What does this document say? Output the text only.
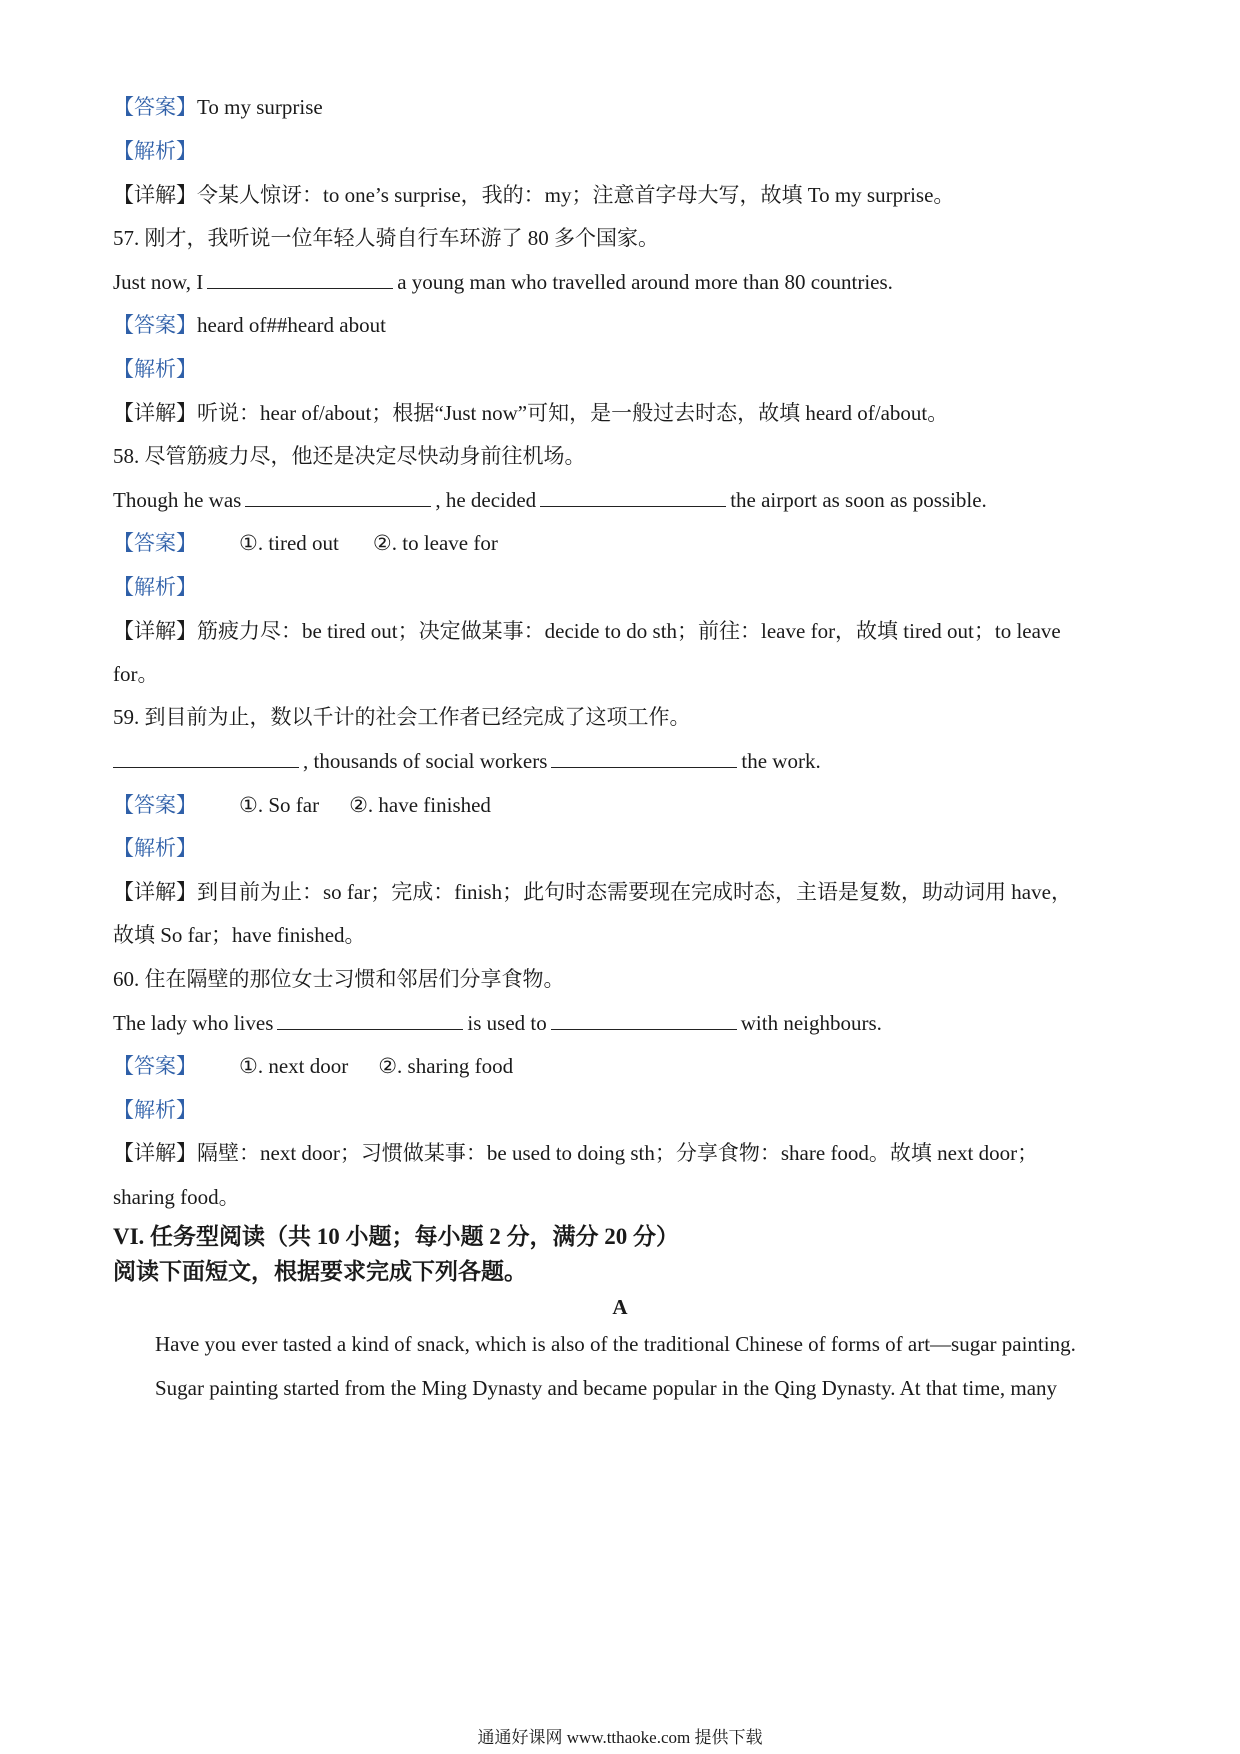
【答案】To my surprise
【解析】
【详解】令某人惊讶：to one’s surprise，我的：my；注意首字母大写，故填 To my surprise。
57. 刚才，我听说一位年轻人骑自行车环游了 80 多个国家。
Just now, I	a young man who travelled around more than 80 countries.
【答案】heard of##heard about
【解析】
【详解】听说：hear of/about；根据“Just now”可知，是一般过去时态，故填 heard of/about。
58. 尽管筋疲力尽，他还是决定尽快动身前往机场。
Though he was	, he decided	the airport as soon as possible.
【答案】 ①. tired out ②. to leave for
【解析】
【详解】筋疲力尽：be tired out；决定做某事：decide to do sth；前往：leave for，故填 tired out；to leave
for。
59. 到目前为止，数以千计的社会工作者已经完成了这项工作。
, thousands of social workers	the work.
【答案】 ①. So far ②. have finished
【解析】
【详解】到目前为止：so far；完成：finish；此句时态需要现在完成时态，主语是复数，助动词用 have，
故填 So far；have finished。
60. 住在隔壁的那位女士习惯和邻居们分享食物。
The lady who lives	is used to	with neighbours.
【答案】 ①. next door ②. sharing food
【解析】
【详解】隔壁：next door；习惯做某事：be used to doing sth；分享食物：share food。故填 next door；
sharing food。
VI. 任务型阅读（共 10 小题；每小题 2 分，满分 20 分）
阅读下面短文，根据要求完成下列各题。
A
Have you ever tasted a kind of snack, which is also of the traditional Chinese of forms of art—sugar painting.
Sugar painting started from the Ming Dynasty and became popular in the Qing Dynasty. At that time, many
通通好课网 www.tthaoke.com 提供下载
